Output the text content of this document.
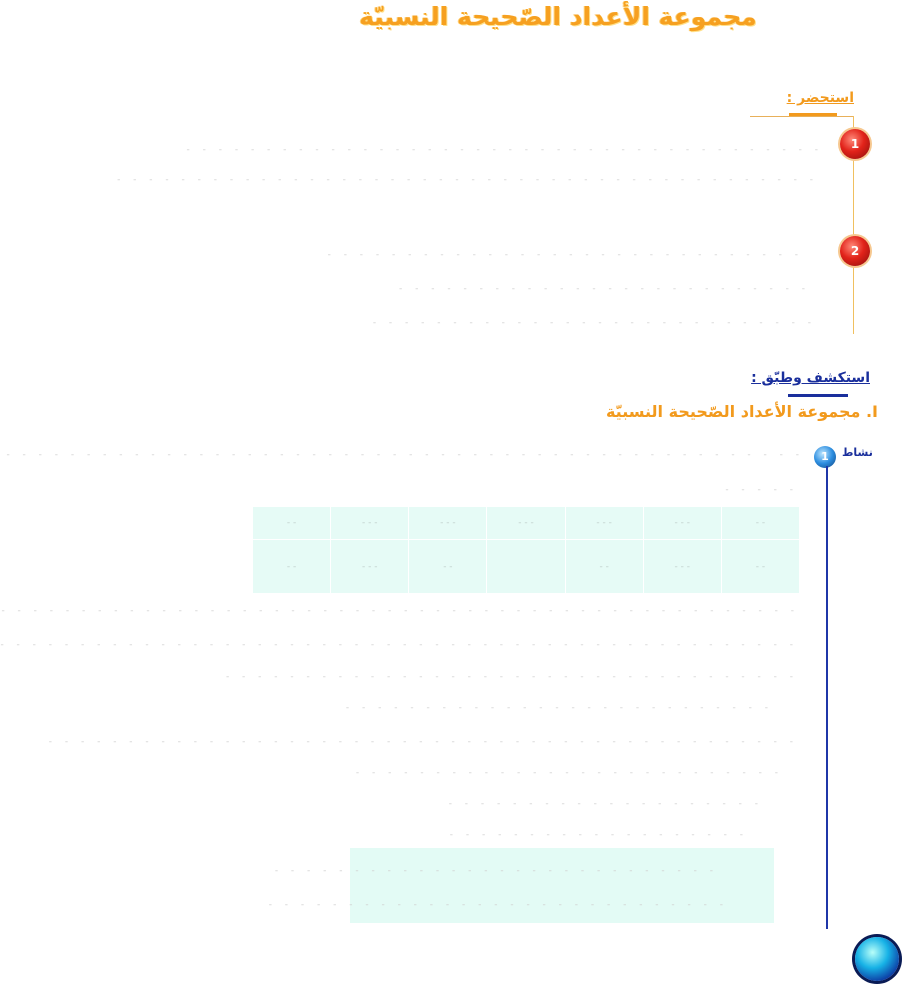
مجموعة الأعداد الصّحيحة النسبيّة
استحضر :
1
2
- - - - - - - - - - - - - - - - - - - - - - - - - - - - - - - - - - - - - - - -
- - - - - - - - - - - - - - - - - - - - - - - - - - - - - - - - - - - - - - - - - - - -
- - - - - - - - - - - - - - - - - - - - - - - - - - - - - -
- - - - - - - - - - - - - - - - - - - - - - - - - -
- - - - - - - - - - - - - - - - - - - - - - - - - - - -
استكشف وطبّق :
I. مجموعة الأعداد الصّحيحة النسبيّة
نشاط
1
- - - - - - - - - - - - - - - - - - - - - - - - - - - - - - - - - - - - - - - - - - - - - - - - - -
- - - - -
- -	- - -	- - -	- - -	- - -	- - -	- -
- -	- - -	- -		- -	- - -	- -
- - - - - - - - - - - - - - - - - - - - - - - - - - - - - - - - - - - - - - - - - - - - - - - - - -
- - - - - - - - - - - - - - - - - - - - - - - - - - - - - - - - - - - - - - - - - - - - - - - - - -
- - - - - - - - - - - - - - - - - - - - - - - - - - - - - - - - - - - -
- - - - - - - - - - - - - - - - - - - - - - - - - - -
- - - - - - - - - - - - - - - - - - - - - - - - - - - - - - - - - - - - - - - - - - - - - - -
- - - - - - - - - - - - - - - - - - - - - - - - - - -
- - - - - - - - - - - - - - - - - - - -
- - - - - - - - - - - - - - - - - - -
- - - - - - - - - - - - - - - - - - - - - - - - - - - -
- - - - - - - - - - - - - - - - - - - - - - - - - - - - -
